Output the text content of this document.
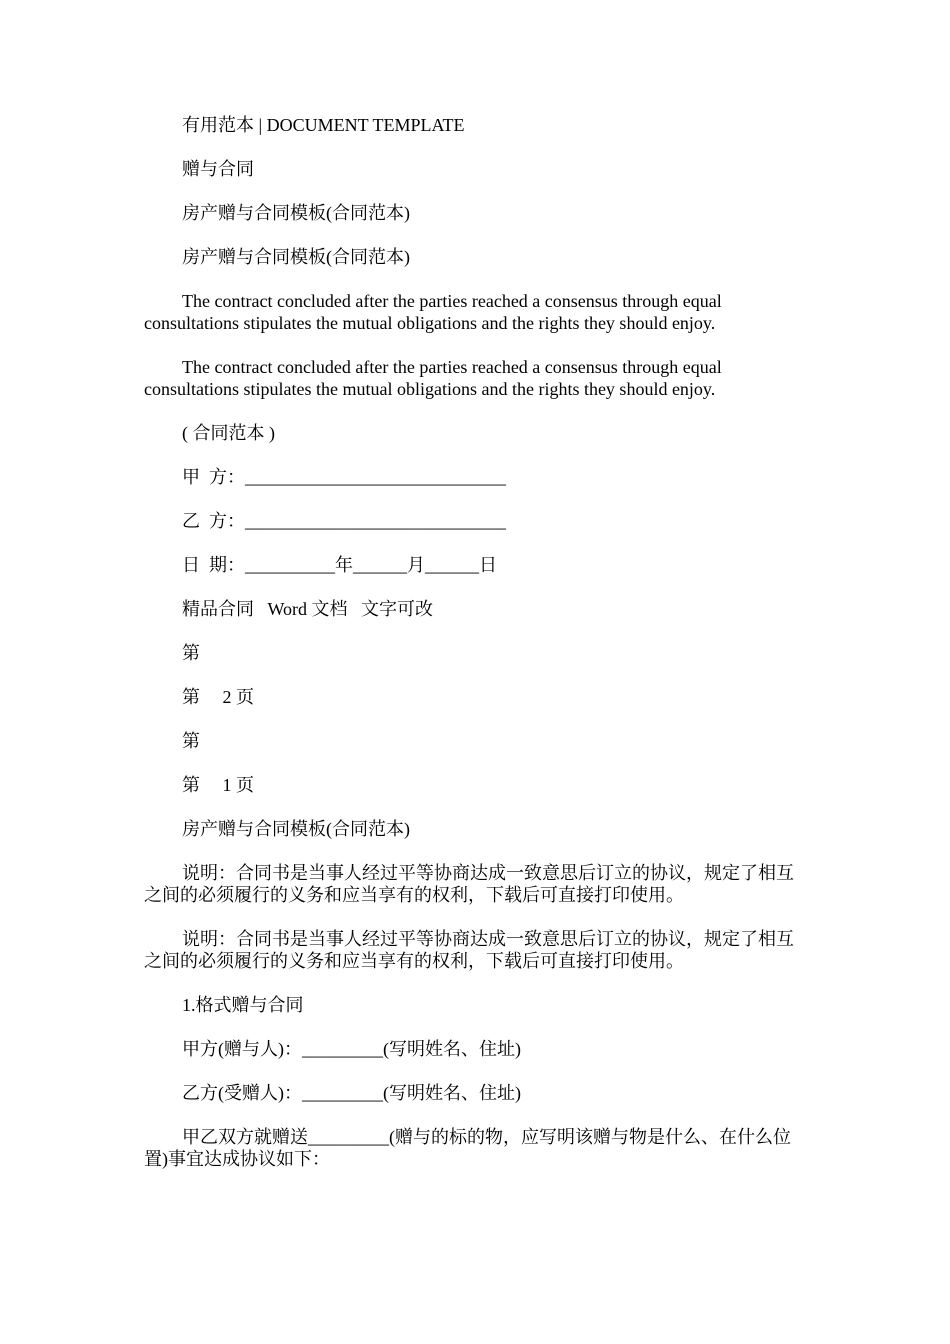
有用范本 | DOCUMENT TEMPLATE

赠与合同

房产赠与合同模板(合同范本)

房产赠与合同模板(合同范本)

The contract concluded after the parties reached a consensus through equal consultations stipulates the mutual obligations and the rights they should enjoy.

The contract concluded after the parties reached a consensus through equal consultations stipulates the mutual obligations and the rights they should enjoy.

( 合同范本 )

甲  方：_____________________________

乙  方：_____________________________

日  期：__________年______月______日

精品合同   Word 文档   文字可改

第

第     2 页

第

第     1 页

房产赠与合同模板(合同范本)

说明：合同书是当事人经过平等协商达成一致意思后订立的协议，规定了相互之间的必须履行的义务和应当享有的权利，下载后可直接打印使用。

说明：合同书是当事人经过平等协商达成一致意思后订立的协议，规定了相互之间的必须履行的义务和应当享有的权利，下载后可直接打印使用。

1.格式赠与合同

甲方(赠与人)：_________(写明姓名、住址)

乙方(受赠人)：_________(写明姓名、住址)

甲乙双方就赠送_________(赠与的标的物，应写明该赠与物是什么、在什么位置)事宜达成协议如下：
